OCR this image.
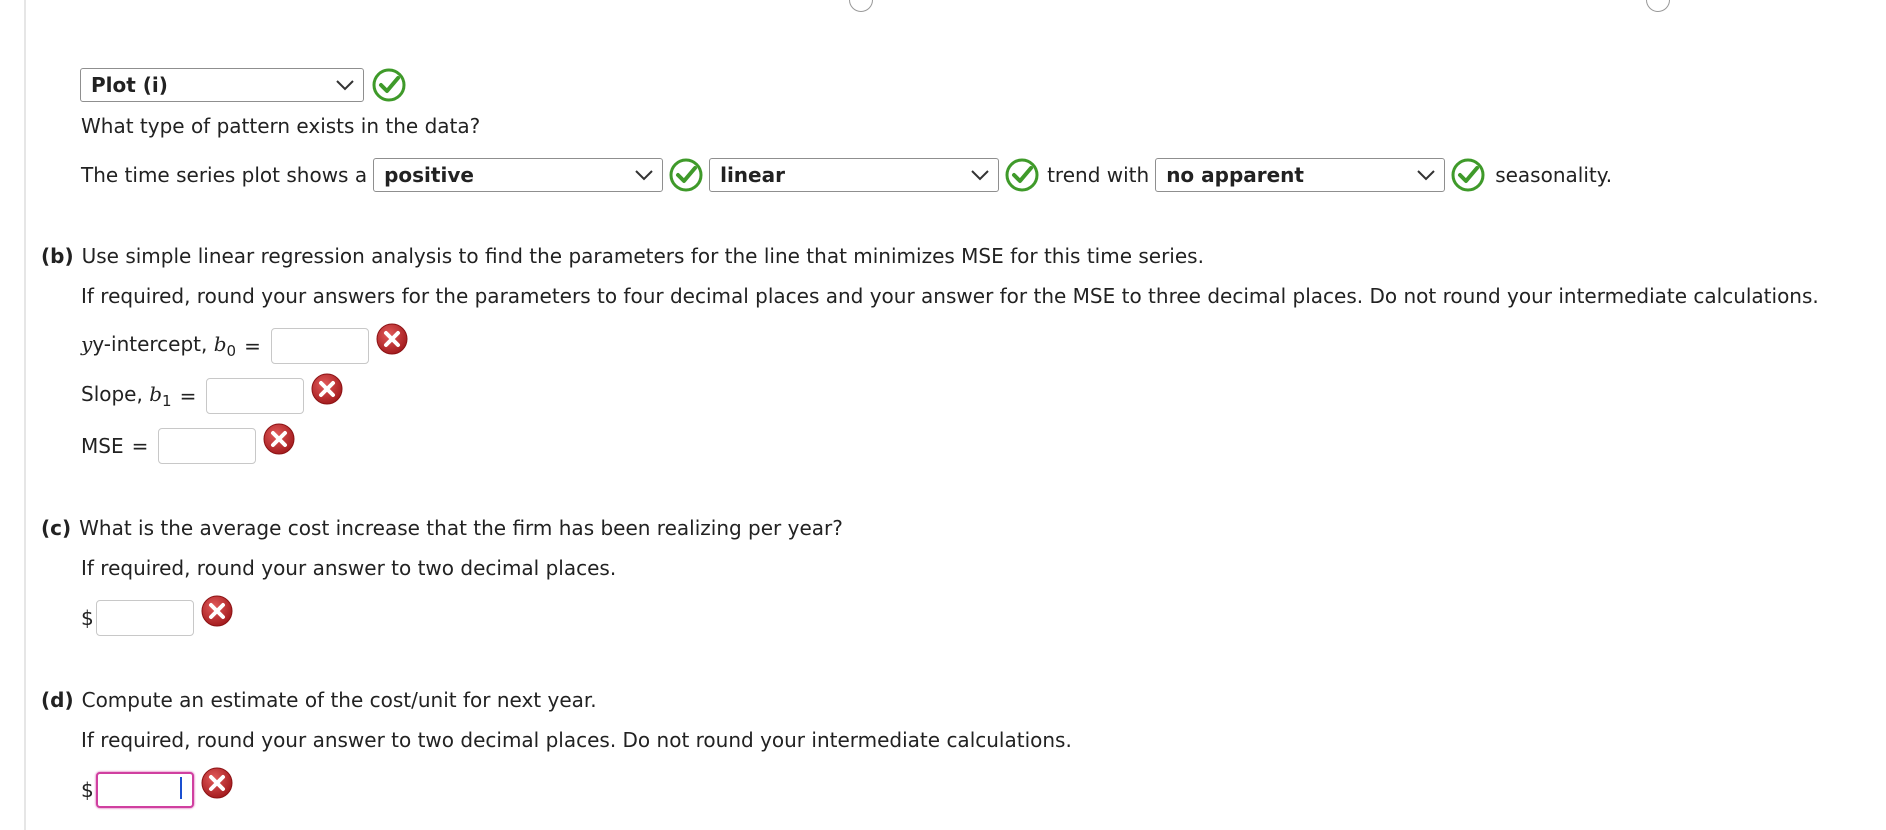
Plot (i)
What type of pattern exists in the data?
The time series plot shows a positive	linear	trend with no apparent	seasonality.
(b) Use simple linear regression analysis to find the parameters for the line that minimizes MSE for this time series.
If required, round your answers for the parameters to four decimal places and your answer for the MSE to three decimal places. Do not round your intermediate calculations.
yy-intercept, $b_0$ =
Slope, $b_1$ =
MSE =
(c) What is the average cost increase that the firm has been realizing per year?
If required, round your answer to two decimal places.
$
(d) Compute an estimate of the cost/unit for next year.
If required, round your answer to two decimal places. Do not round your intermediate calculations.
$
